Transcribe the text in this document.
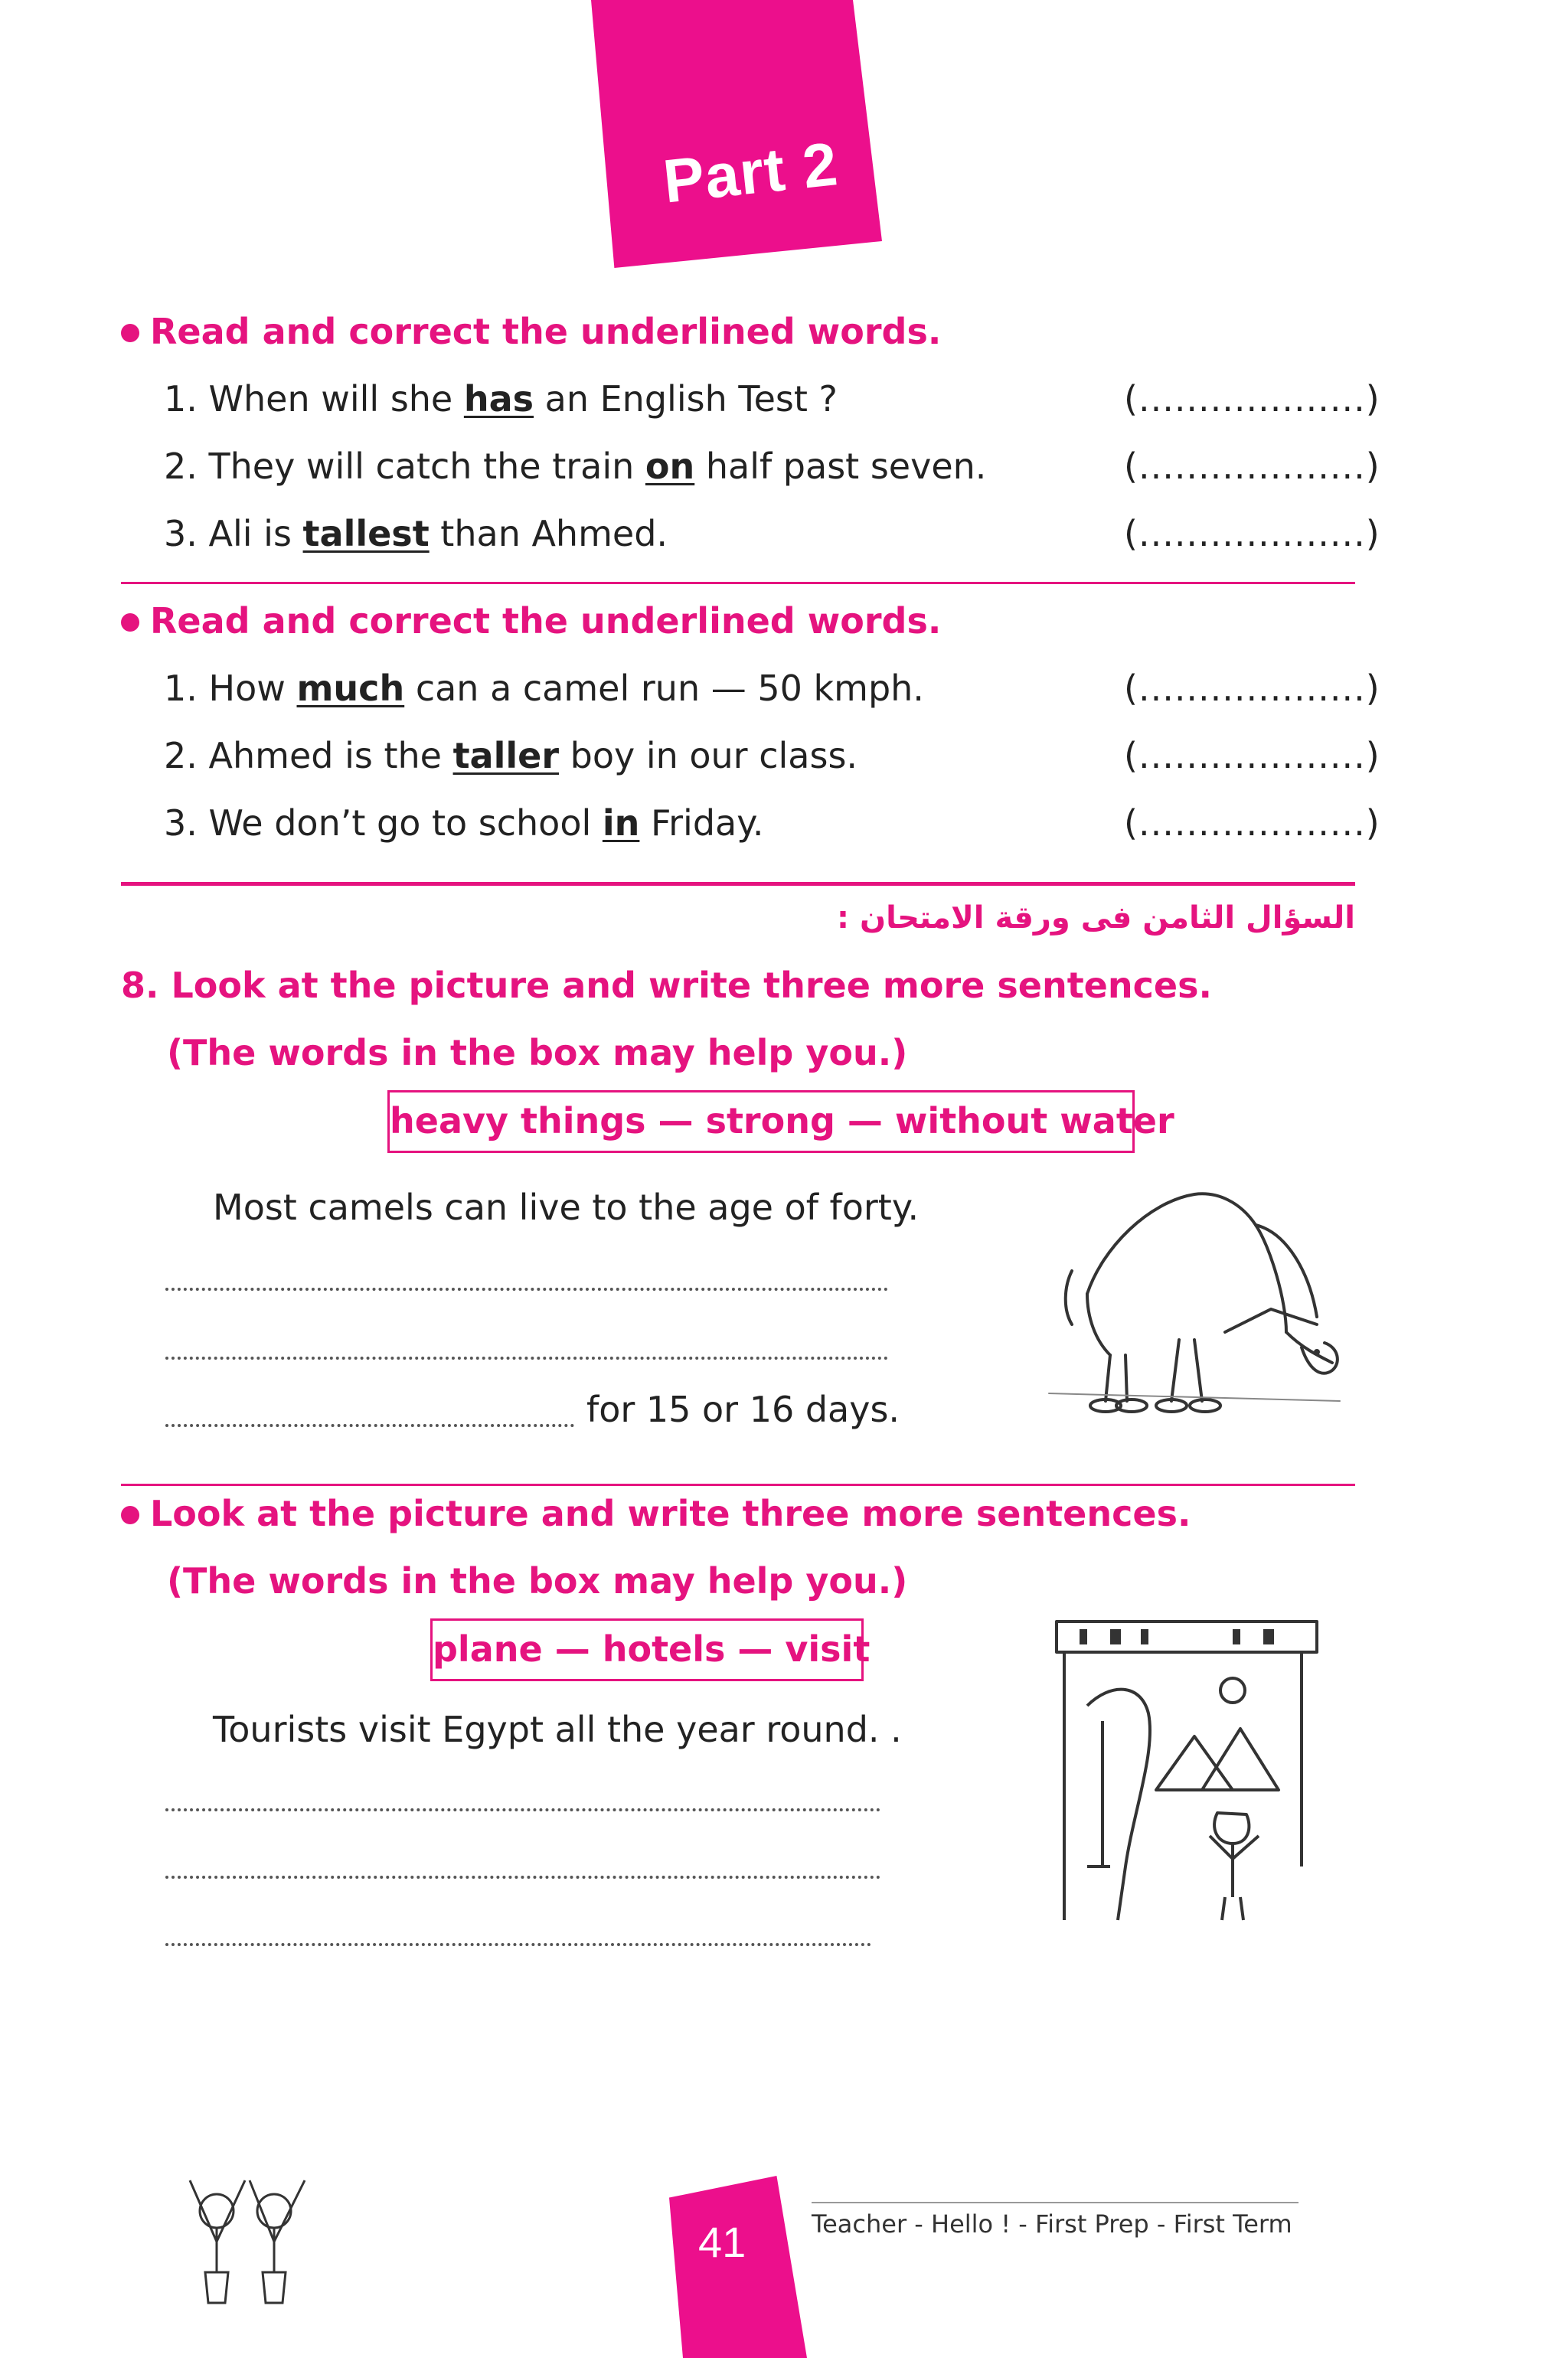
Part 2
Read and correct the underlined words.
1. When will she has an English Test ?	(...................)
2. They will catch the train on half past seven.	(...................)
3. Ali is tallest than Ahmed.	(...................)
Read and correct the underlined words.
1. How much can a camel run — 50 kmph.	(...................)
2. Ahmed is the taller boy in our class.	(...................)
3. We don’t go to school in Friday.	(...................)
السؤال الثامن فى ورقة الامتحان :
8. Look at the picture and write three more sentences.
(The words in the box may help you.)
heavy things — strong — without water
Most camels can live to the age of forty.
for 15 or 16 days.
Look at the picture and write three more sentences.
(The words in the box may help you.)
plane — hotels — visit
Tourists visit Egypt all the year round. .
41	Teacher - Hello ! - First Prep - First Term
